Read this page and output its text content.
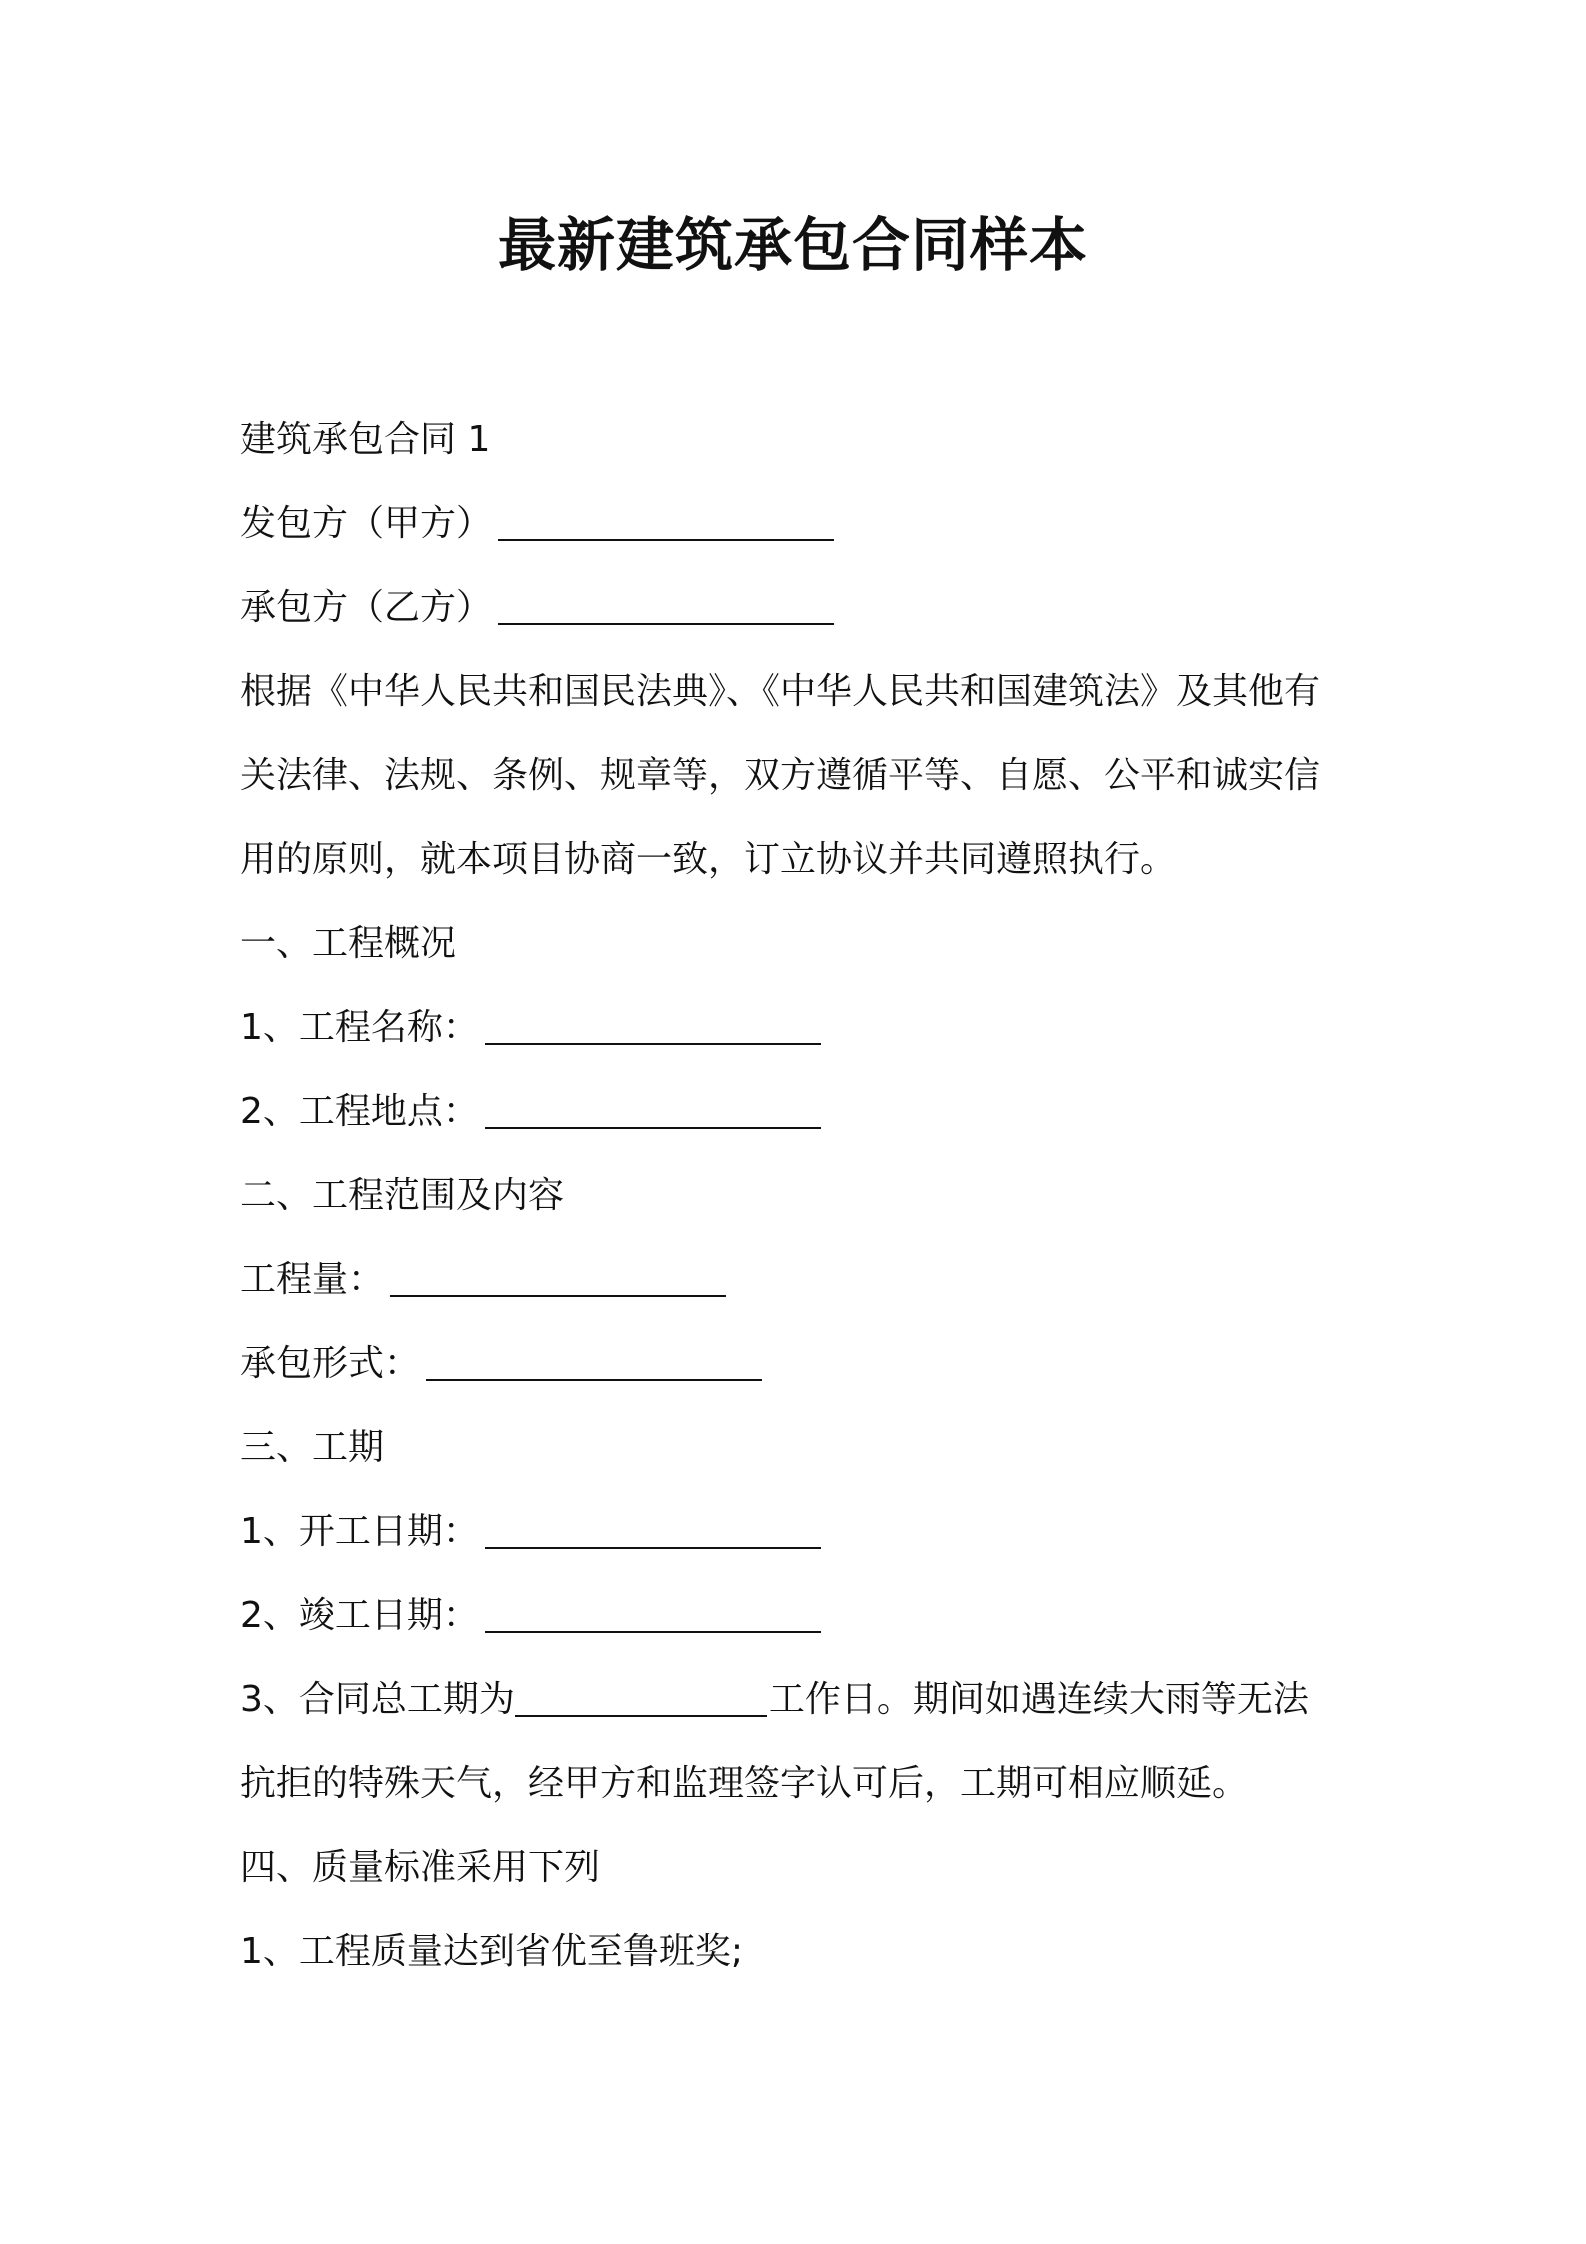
最新建筑承包合同样本
建筑承包合同 1
发包方（甲方）
承包方（乙方）
根据《中华人民共和国民法典》、《中华人民共和国建筑法》及其他有
关法律、法规、条例、规章等，双方遵循平等、自愿、公平和诚实信
用的原则，就本项目协商一致，订立协议并共同遵照执行。
一、工程概况
1、工程名称：
2、工程地点：
二、工程范围及内容
工程量：
承包形式：
三、工期
1、开工日期：
2、竣工日期：
3、合同总工期为	工作日。期间如遇连续大雨等无法
抗拒的特殊天气，经甲方和监理签字认可后，工期可相应顺延。
四、质量标准采用下列
1、工程质量达到省优至鲁班奖;
